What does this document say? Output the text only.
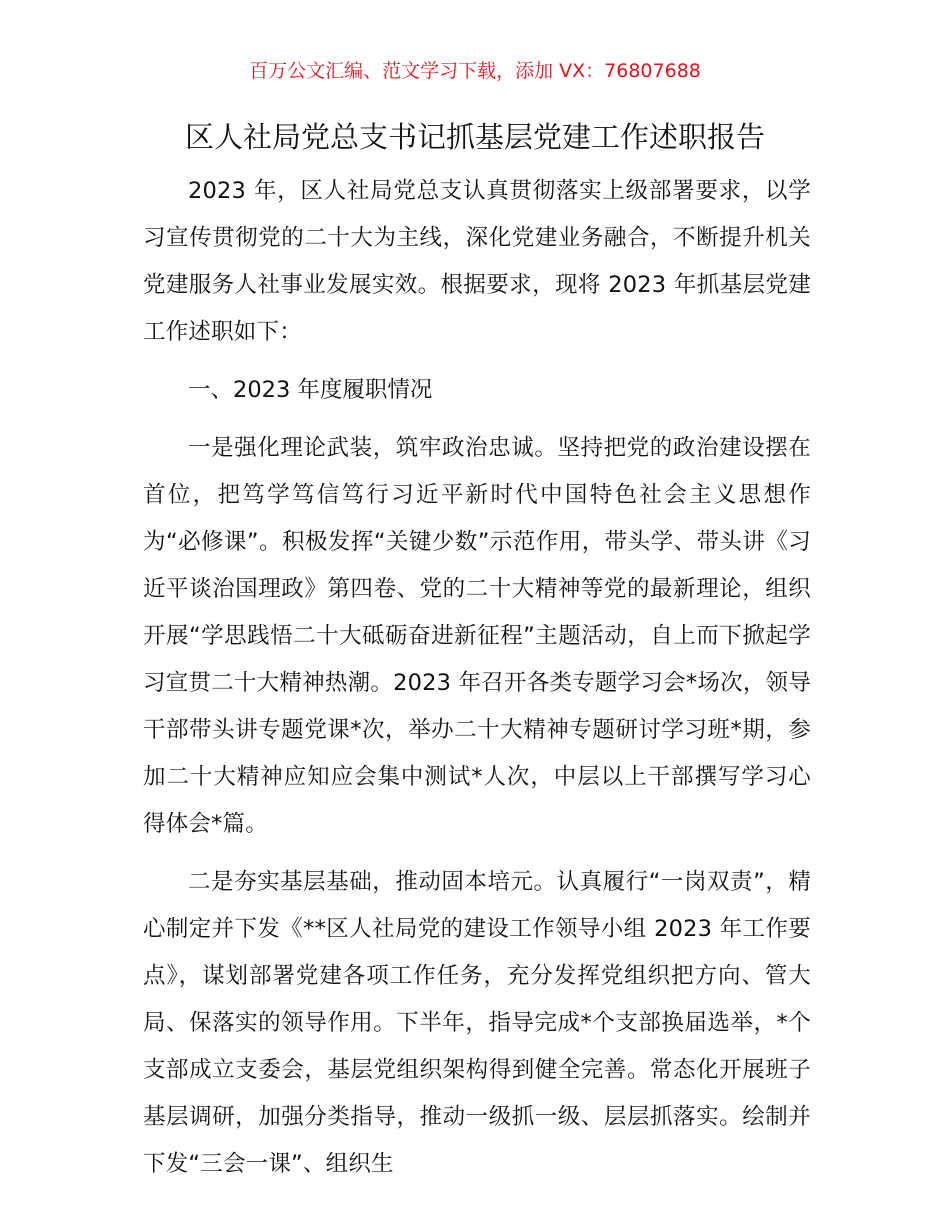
百万公文汇编、范文学习下载，添加 VX：76807688
区人社局党总支书记抓基层党建工作述职报告

2023 年，区人社局党总支认真贯彻落实上级部署要求，以学习宣传贯彻党的二十大为主线，深化党建业务融合，不断提升机关党建服务人社事业发展实效。根据要求，现将 2023 年抓基层党建工作述职如下：

一、2023 年度履职情况

一是强化理论武装，筑牢政治忠诚。坚持把党的政治建设摆在首位，把笃学笃信笃行习近平新时代中国特色社会主义思想作为“必修课”。积极发挥“关键少数”示范作用，带头学、带头讲《习近平谈治国理政》第四卷、党的二十大精神等党的最新理论，组织开展“学思践悟二十大砥砺奋进新征程”主题活动，自上而下掀起学习宣贯二十大精神热潮。2023 年召开各类专题学习会*场次，领导干部带头讲专题党课*次，举办二十大精神专题研讨学习班*期，参加二十大精神应知应会集中测试*人次，中层以上干部撰写学习心得体会*篇。

二是夯实基层基础，推动固本培元。认真履行“一岗双责”，精心制定并下发《**区人社局党的建设工作领导小组 2023 年工作要点》，谋划部署党建各项工作任务，充分发挥党组织把方向、管大局、保落实的领导作用。下半年，指导完成*个支部换届选举，*个支部成立支委会，基层党组织架构得到健全完善。常态化开展班子基层调研，加强分类指导，推动一级抓一级、层层抓落实。绘制并下发“三会一课”、组织生
